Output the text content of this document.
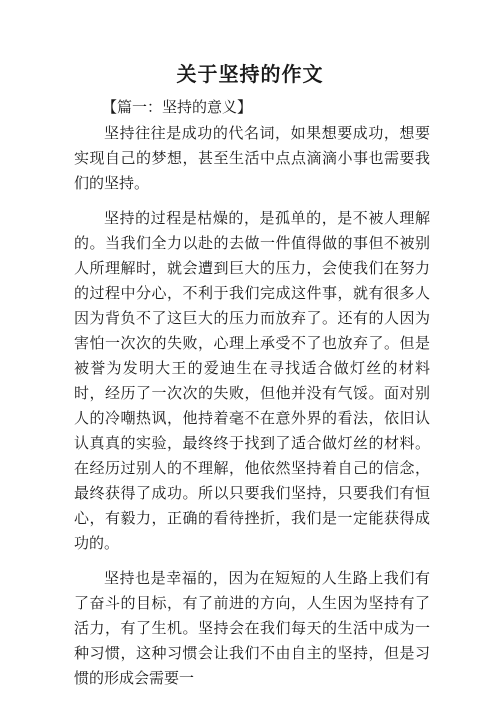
关于坚持的作文
【篇一：坚持的意义】

坚持往往是成功的代名词，如果想要成功，想要实现自己的梦想，甚至生活中点点滴滴小事也需要我们的坚持。

坚持的过程是枯燥的，是孤单的，是不被人理解的。当我们全力以赴的去做一件值得做的事但不被别人所理解时，就会遭到巨大的压力，会使我们在努力的过程中分心，不利于我们完成这件事，就有很多人因为背负不了这巨大的压力而放弃了。还有的人因为害怕一次次的失败，心理上承受不了也放弃了。但是被誉为发明大王的爱迪生在寻找适合做灯丝的材料时，经历了一次次的失败，但他并没有气馁。面对别人的冷嘲热讽，他持着毫不在意外界的看法，依旧认认真真的实验，最终终于找到了适合做灯丝的材料。在经历过别人的不理解，他依然坚持着自己的信念，最终获得了成功。所以只要我们坚持，只要我们有恒心，有毅力，正确的看待挫折，我们是一定能获得成功的。

坚持也是幸福的，因为在短短的人生路上我们有了奋斗的目标，有了前进的方向，人生因为坚持有了活力，有了生机。坚持会在我们每天的生活中成为一种习惯，这种习惯会让我们不由自主的坚持，但是习惯的形成会需要一
